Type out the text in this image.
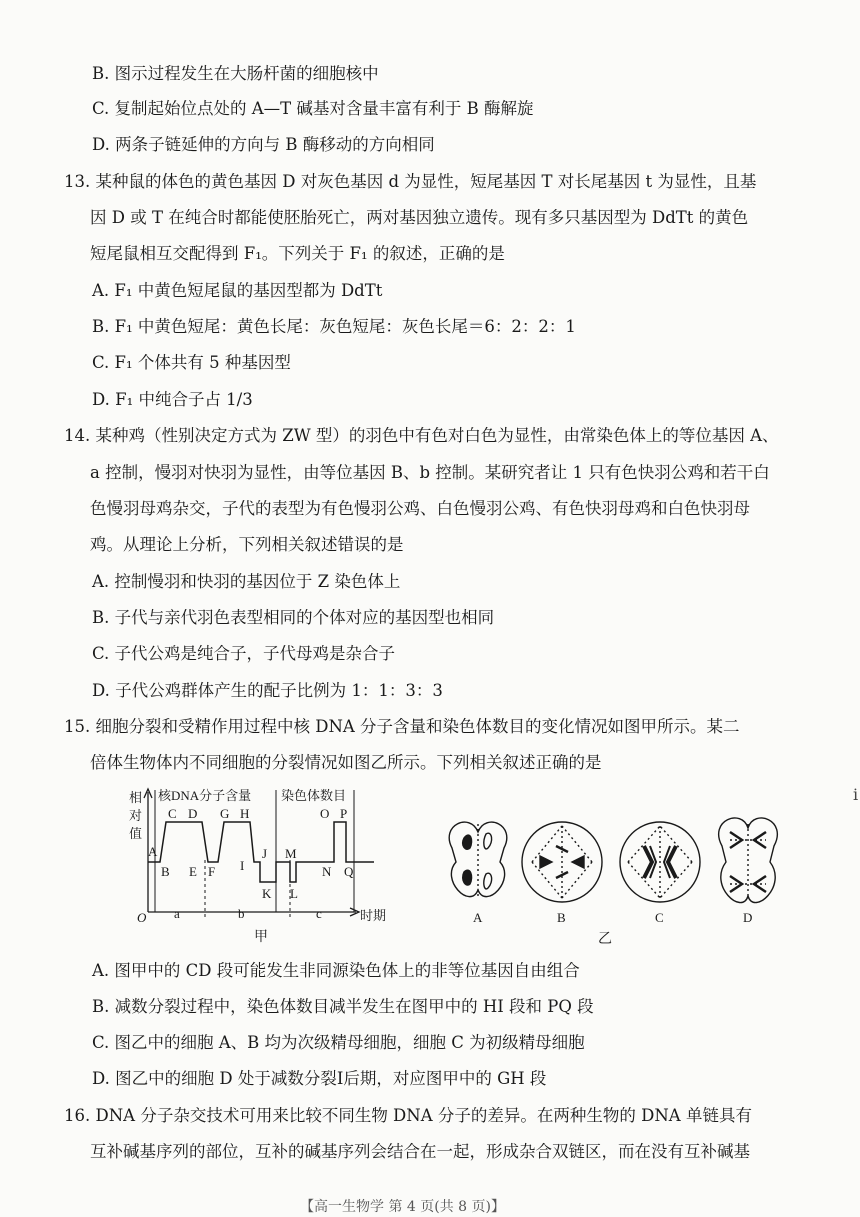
B. 图示过程发生在大肠杆菌的细胞核中
C. 复制起始位点处的 A—T 碱基对含量丰富有利于 B 酶解旋
D. 两条子链延伸的方向与 B 酶移动的方向相同
13. 某种鼠的体色的黄色基因 D 对灰色基因 d 为显性，短尾基因 T 对长尾基因 t 为显性，且基
因 D 或 T 在纯合时都能使胚胎死亡，两对基因独立遗传。现有多只基因型为 DdTt 的黄色
短尾鼠相互交配得到 F₁。下列关于 F₁ 的叙述，正确的是
A. F₁ 中黄色短尾鼠的基因型都为 DdTt
B. F₁ 中黄色短尾：黄色长尾：灰色短尾：灰色长尾＝6：2：2：1
C. F₁ 个体共有 5 种基因型
D. F₁ 中纯合子占 1/3
14. 某种鸡（性别决定方式为 ZW 型）的羽色中有色对白色为显性，由常染色体上的等位基因 A、
a 控制，慢羽对快羽为显性，由等位基因 B、b 控制。某研究者让 1 只有色快羽公鸡和若干白
色慢羽母鸡杂交，子代的表型为有色慢羽公鸡、白色慢羽公鸡、有色快羽母鸡和白色快羽母
鸡。从理论上分析，下列相关叙述错误的是
A. 控制慢羽和快羽的基因位于 Z 染色体上
B. 子代与亲代羽色表型相同的个体对应的基因型也相同
C. 子代公鸡是纯合子，子代母鸡是杂合子
D. 子代公鸡群体产生的配子比例为 1：1：3：3
15. 细胞分裂和受精作用过程中核 DNA 分子含量和染色体数目的变化情况如图甲所示。某二
倍体生物体内不同细胞的分裂情况如图乙所示。下列相关叙述正确的是
相
对
值
核DNA分子含量 染色体数目
时期
O
A
B
C D
E F
G H
I
J
K L
M
N
O P
Q
a	b	c
甲
A	B	C	D
乙
i
A. 图甲中的 CD 段可能发生非同源染色体上的非等位基因自由组合
B. 减数分裂过程中，染色体数目减半发生在图甲中的 HI 段和 PQ 段
C. 图乙中的细胞 A、B 均为次级精母细胞，细胞 C 为初级精母细胞
D. 图乙中的细胞 D 处于减数分裂Ⅰ后期，对应图甲中的 GH 段
16. DNA 分子杂交技术可用来比较不同生物 DNA 分子的差异。在两种生物的 DNA 单链具有
互补碱基序列的部位，互补的碱基序列会结合在一起，形成杂合双链区，而在没有互补碱基
【高一生物学 第 4 页(共 8 页)】
